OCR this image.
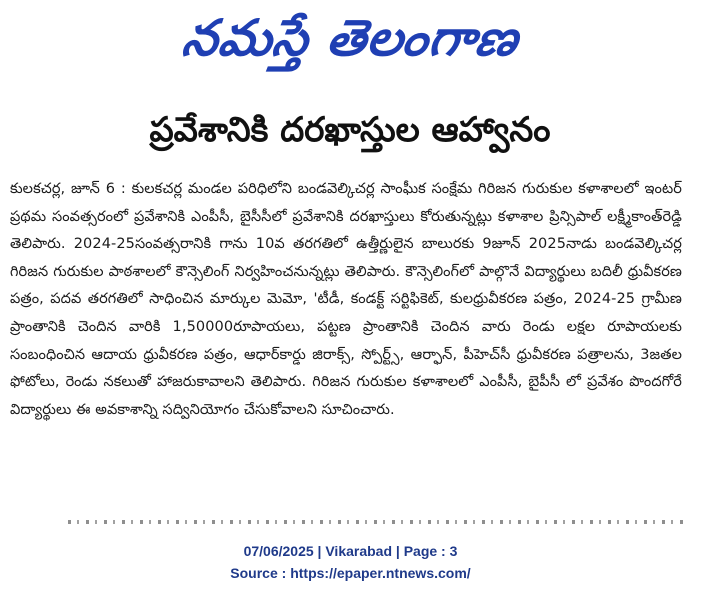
నమస్తే తెలంగాణ
ప్రవేశానికి దరఖాస్తుల ఆహ్వానం
కులకచర్ల, జూన్ 6 : కులకచర్ల మండల పరిధిలోని బండవెల్కిచర్ల సాంఘీక సంక్షేమ గిరిజన గురుకుల కళాశాలలో ఇంటర్ ప్రథమ సంవత్సరంలో ప్రవేశానికి ఎంపీసీ, బైసీసీలో ప్రవేశానికి దరఖాస్తులు కోరుతున్నట్లు కళాశాల ప్రిన్సిపాల్ లక్ష్మీకాంత్‌రెడ్డి తెలిపారు. 2024-25సంవత్సరానికి గాను 10వ తరగతిలో ఉత్తీర్ణులైన బాలురకు 9జూన్ 2025నాడు బండవెల్కిచర్ల గిరిజన గురుకుల పాఠశాలలో కౌన్సెలింగ్ నిర్వహించనున్నట్లు తెలిపారు. కౌన్సెలింగ్‌లో పాల్గొనే విద్యార్థులు బదిలీ ధ్రువీకరణ పత్రం, పదవ తరగతిలో సాధించిన మార్కుల మెమో, 'టీడీ, కండక్ట్ సర్టిఫికెట్, కులధ్రువీకరణ పత్రం, 2024-25 గ్రామీణ ప్రాంతానికి చెందిన వారికి 1,50000రూపాయలు, పట్టణ ప్రాంతానికి చెందిన వారు రెండు లక్షల రూపాయలకు సంబంధించిన ఆదాయ ధ్రువీకరణ పత్రం, ఆధార్‌కార్డు జిరాక్స్, స్పోర్ట్స్, ఆర్ఫాన్, పీహెచ్‌సీ ధ్రువీకరణ పత్రాలను, 3జతల ఫోటోలు, రెండు నకలుతో హాజరుకావాలని తెలిపారు. గిరిజన గురుకుల కళాశాలలో ఎంపీసీ, బైపీసీ లో ప్రవేశం పొందగోరే విద్యార్థులు ఈ అవకాశాన్ని సద్వినియోగం చేసుకోవాలని సూచించారు.
07/06/2025 | Vikarabad | Page : 3
Source : https://epaper.ntnews.com/
